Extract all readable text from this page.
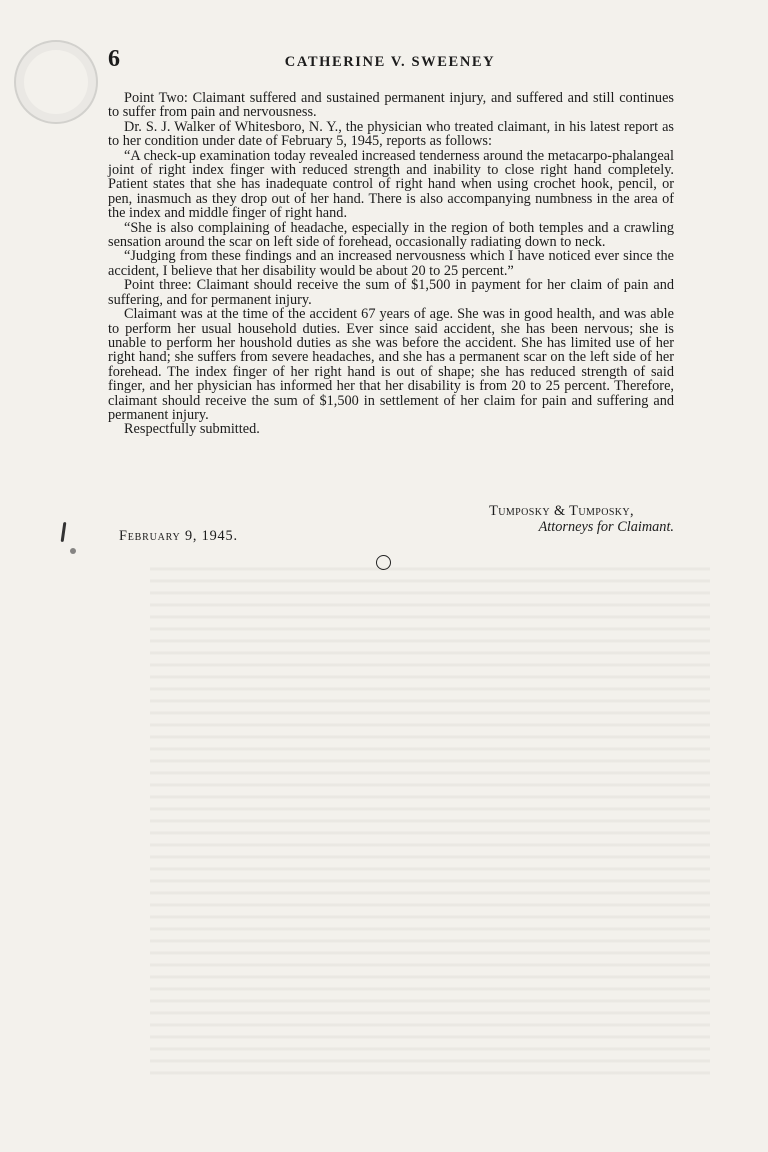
6	CATHERINE V. SWEENEY

Point Two: Claimant suffered and sustained permanent injury, and suffered and still continues to suffer from pain and nervousness.

Dr. S. J. Walker of Whitesboro, N. Y., the physician who treated claimant, in his latest report as to her condition under date of February 5, 1945, reports as follows:

“A check-up examination today revealed increased tenderness around the metacarpo-phalangeal joint of right index finger with reduced strength and inability to close right hand completely. Patient states that she has inadequate control of right hand when using crochet hook, pencil, or pen, inasmuch as they drop out of her hand. There is also accompanying numbness in the area of the index and middle finger of right hand.

“She is also complaining of headache, especially in the region of both temples and a crawling sensation around the scar on left side of forehead, occasionally radiating down to neck.

“Judging from these findings and an increased nervousness which I have noticed ever since the accident, I believe that her disability would be about 20 to 25 percent.”

Point three: Claimant should receive the sum of $1,500 in payment for her claim of pain and suffering, and for permanent injury.

Claimant was at the time of the accident 67 years of age. She was in good health, and was able to perform her usual household duties. Ever since said accident, she has been nervous; she is unable to perform her houshold duties as she was before the accident. She has limited use of her right hand; she suffers from severe headaches, and she has a permanent scar on the left side of her forehead. The index finger of her right hand is out of shape; she has reduced strength of said finger, and her physician has informed her that her disability is from 20 to 25 percent. Therefore, claimant should receive the sum of $1,500 in settlement of her claim for pain and suffering and permanent injury.

Respectfully submitted.

Tumposky & Tumposky,
Attorneys for Claimant.
February 9, 1945.
